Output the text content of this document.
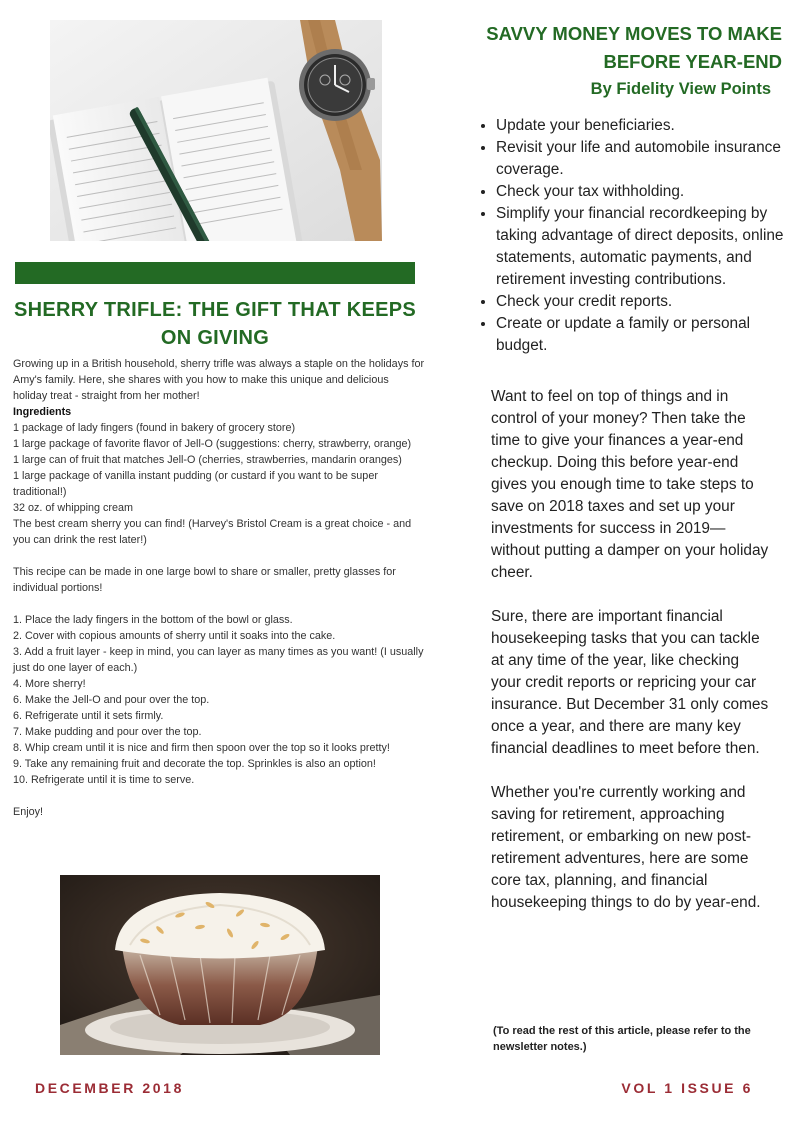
SHERRY TRIFLE: THE GIFT THAT KEEPS ON GIVING
Growing up in a British household, sherry trifle was always a staple on the holidays for Amy's family. Here, she shares with you how to make this unique and delicious holiday treat - straight from her mother!
Ingredients
1 package of lady fingers (found in bakery of grocery store)
1 large package of favorite flavor of Jell-O (suggestions: cherry, strawberry, orange)
1 large can of fruit that matches Jell-O (cherries, strawberries, mandarin oranges)
1 large package of vanilla instant pudding (or custard if you want to be super traditional!)
32 oz. of whipping cream
The best cream sherry you can find! (Harvey's Bristol Cream is a great choice - and you can drink the rest later!)
This recipe can be made in one large bowl to share or smaller, pretty glasses for individual portions!
1. Place the lady fingers in the bottom of the bowl or glass.
2. Cover with copious amounts of sherry until it soaks into the cake.
3. Add a fruit layer - keep in mind, you can layer as many times as you want! (I usually just do one layer of each.)
4. More sherry!
6. Make the Jell-O and pour over the top.
6. Refrigerate until it sets firmly.
7. Make pudding and pour over the top.
8. Whip cream until it is nice and firm then spoon over the top so it looks pretty!
9. Take any remaining fruit and decorate the top. Sprinkles is also an option!
10. Refrigerate until it is time to serve.
Enjoy!
DECEMBER 2018	VOL 1 ISSUE 6
SAVVY MONEY MOVES TO MAKE BEFORE YEAR-END
By Fidelity View Points
• Update your beneficiaries.
• Revisit your life and automobile insurance coverage.
• Check your tax withholding.
• Simplify your financial recordkeeping by taking advantage of direct deposits, online statements, automatic payments, and retirement investing contributions.
• Check your credit reports.
• Create or update a family or personal budget.

Want to feel on top of things and in control of your money? Then take the time to give your finances a year-end checkup. Doing this before year-end gives you enough time to take steps to save on 2018 taxes and set up your investments for success in 2019—without putting a damper on your holiday cheer.

Sure, there are important financial housekeeping tasks that you can tackle at any time of the year, like checking your credit reports or repricing your car insurance. But December 31 only comes once a year, and there are many key financial deadlines to meet before then.

Whether you're currently working and saving for retirement, approaching retirement, or embarking on new post-retirement adventures, here are some core tax, planning, and financial housekeeping things to do by year-end.

(To read the rest of this article, please refer to the newsletter notes.)
